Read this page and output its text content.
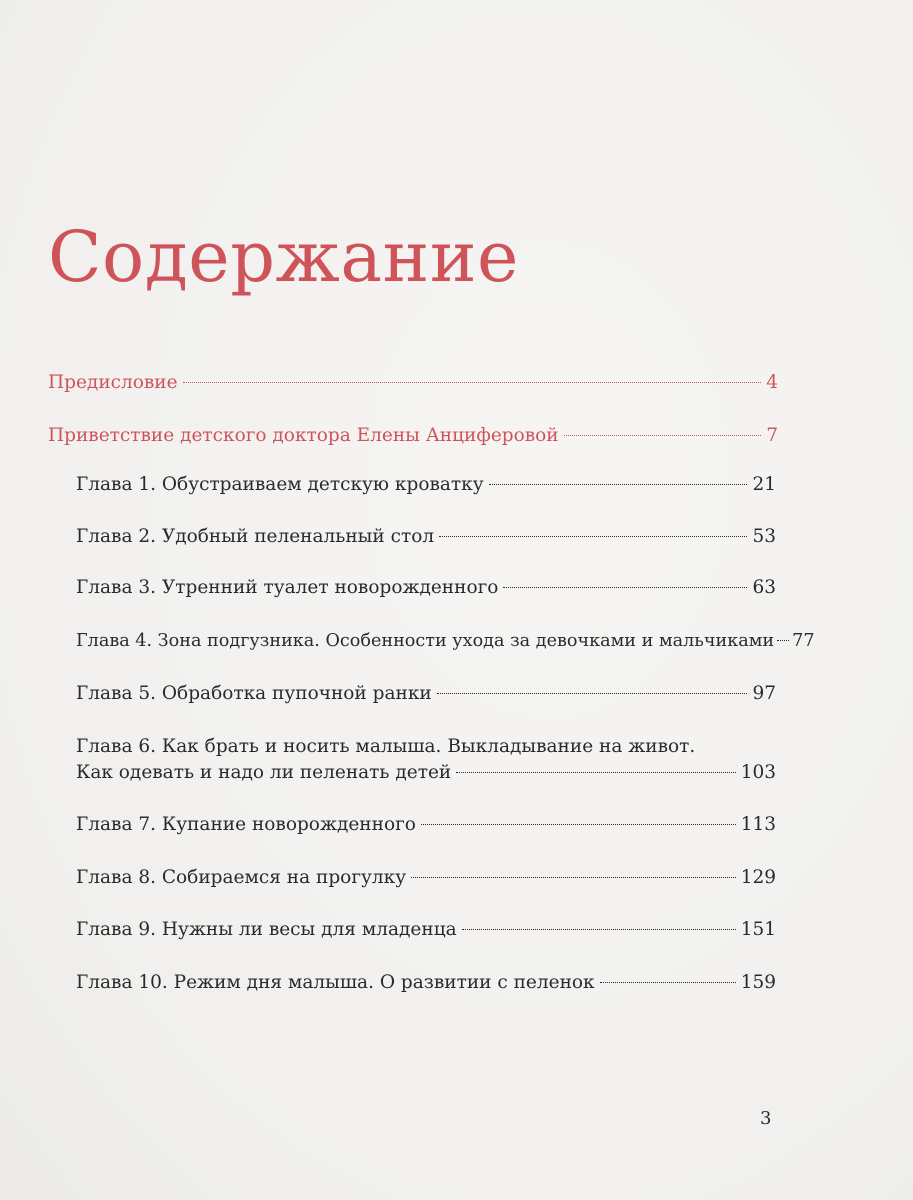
Содержание
Предисловие	4
Приветствие детского доктора Елены Анциферовой	7
Глава 1. Обустраиваем детскую кроватку	21
Глава 2. Удобный пеленальный стол	53
Глава 3. Утренний туалет новорожденного	63
Глава 4. Зона подгузника. Особенности ухода за девочками и мальчиками 77
Глава 5. Обработка пупочной ранки	97
Глава 6. Как брать и носить малыша. Выкладывание на живот.
Как одевать и надо ли пеленать детей	103
Глава 7. Купание новорожденного	113
Глава 8. Собираемся на прогулку	129
Глава 9. Нужны ли весы для младенца	151
Глава 10. Режим дня малыша. О развитии с пеленок	159
3
